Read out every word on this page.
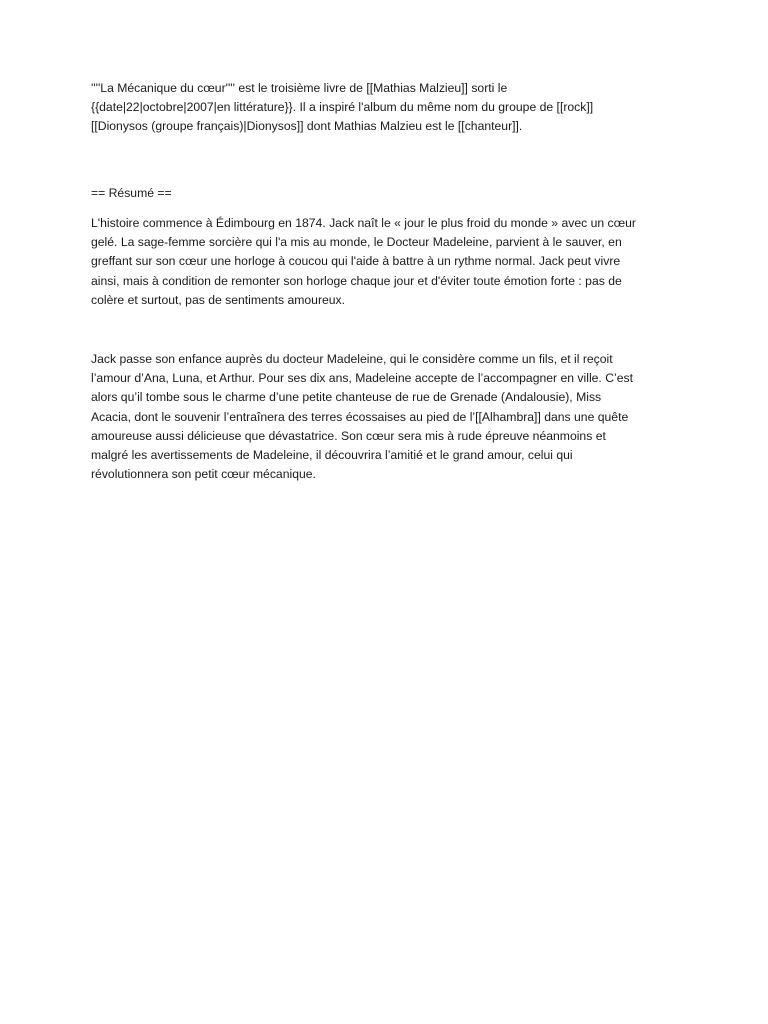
''''La Mécanique du cœur'''' est le troisième livre de [[Mathias Malzieu]] sorti le
{{date|22|octobre|2007|en littérature}}. Il a inspiré l'album du même nom du groupe de [[rock]]
[[Dionysos (groupe français)|Dionysos]] dont Mathias Malzieu est le [[chanteur]].
== Résumé ==
L'histoire commence à Édimbourg en 1874. Jack naît le « jour le plus froid du monde » avec un cœur
gelé. La sage-femme sorcière qui l'a mis au monde, le Docteur Madeleine, parvient à le sauver, en
greffant sur son cœur une horloge à coucou qui l'aide à battre à un rythme normal. Jack peut vivre
ainsi, mais à condition de remonter son horloge chaque jour et d'éviter toute émotion forte : pas de
colère et surtout, pas de sentiments amoureux.
Jack passe son enfance auprès du docteur Madeleine, qui le considère comme un fils, et il reçoit
l’amour d’Ana, Luna, et Arthur. Pour ses dix ans, Madeleine accepte de l’accompagner en ville. C’est
alors qu’il tombe sous le charme d’une petite chanteuse de rue de Grenade (Andalousie), Miss
Acacia, dont le souvenir l’entraînera des terres écossaises au pied de l’[[Alhambra]] dans une quête
amoureuse aussi délicieuse que dévastatrice. Son cœur sera mis à rude épreuve néanmoins et
malgré les avertissements de Madeleine, il découvrira l’amitié et le grand amour, celui qui
révolutionnera son petit cœur mécanique.
